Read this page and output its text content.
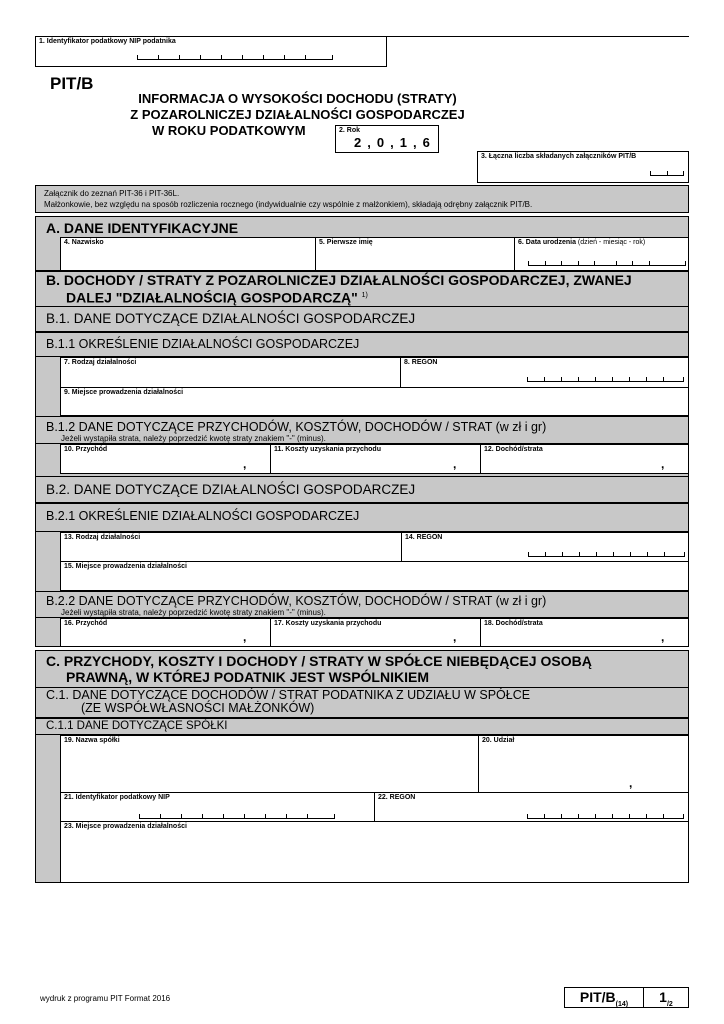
1. Identyfikator podatkowy NIP podatnika
PIT/B
INFORMACJA O WYSOKOŚCI DOCHODU (STRATY)
Z POZAROLNICZEJ DZIAŁALNOŚCI GOSPODARCZEJ
W ROKU PODATKOWYM	2. Rok
2 , 0 , 1 , 6
3. Łączna liczba składanych załączników PIT/B
Załącznik do zeznań PIT-36 i PIT-36L.
Małżonkowie, bez względu na sposób rozliczenia rocznego (indywidualnie czy wspólnie z małżonkiem), składają odrębny załącznik PIT/B.
A. DANE IDENTYFIKACYJNE
4. Nazwisko	5. Pierwsze imię	6. Data urodzenia (dzień - miesiąc - rok)
B. DOCHODY / STRATY Z POZAROLNICZEJ DZIAŁALNOŚCI GOSPODARCZEJ, ZWANEJ
DALEJ "DZIAŁALNOŚCIĄ GOSPODARCZĄ" $^{1)}$
B.1. DANE DOTYCZĄCE DZIAŁALNOŚCI GOSPODARCZEJ
B.1.1 OKREŚLENIE DZIAŁALNOŚCI GOSPODARCZEJ
7. Rodzaj działalności	8. REGON
9. Miejsce prowadzenia działalności
B.1.2 DANE DOTYCZĄCE PRZYCHODÓW, KOSZTÓW, DOCHODÓW / STRAT (w zł i gr)
Jeżeli wystąpiła strata, należy poprzedzić kwotę straty znakiem "-" (minus).
10. Przychód
,
11. Koszty uzyskania przychodu
,
12. Dochód/strata
,
B.2. DANE DOTYCZĄCE DZIAŁALNOŚCI GOSPODARCZEJ
B.2.1 OKREŚLENIE DZIAŁALNOŚCI GOSPODARCZEJ
13. Rodzaj działalności	14. REGON
15. Miejsce prowadzenia działalności
B.2.2 DANE DOTYCZĄCE PRZYCHODÓW, KOSZTÓW, DOCHODÓW / STRAT (w zł i gr)
Jeżeli wystąpiła strata, należy poprzedzić kwotę straty znakiem "-" (minus).
16. Przychód
,
17. Koszty uzyskania przychodu
,
18. Dochód/strata
,
C. PRZYCHODY, KOSZTY I DOCHODY / STRATY W SPÓŁCE NIEBĘDĄCEJ OSOBĄ
PRAWNĄ, W KTÓREJ PODATNIK JEST WSPÓLNIKIEM
C.1. DANE DOTYCZĄCE DOCHODÓW / STRAT PODATNIKA Z UDZIAŁU W SPÓŁCE
(ZE WSPÓŁWŁASNOŚCI MAŁŻONKÓW)
C.1.1 DANE DOTYCZĄCE SPÓŁKI
19. Nazwa spółki	20. Udział
,
21. Identyfikator podatkowy NIP	22. REGON
23. Miejsce prowadzenia działalności
wydruk z programu PIT Format 2016	PIT/$B_{(14)}$	$1_{/2}$
